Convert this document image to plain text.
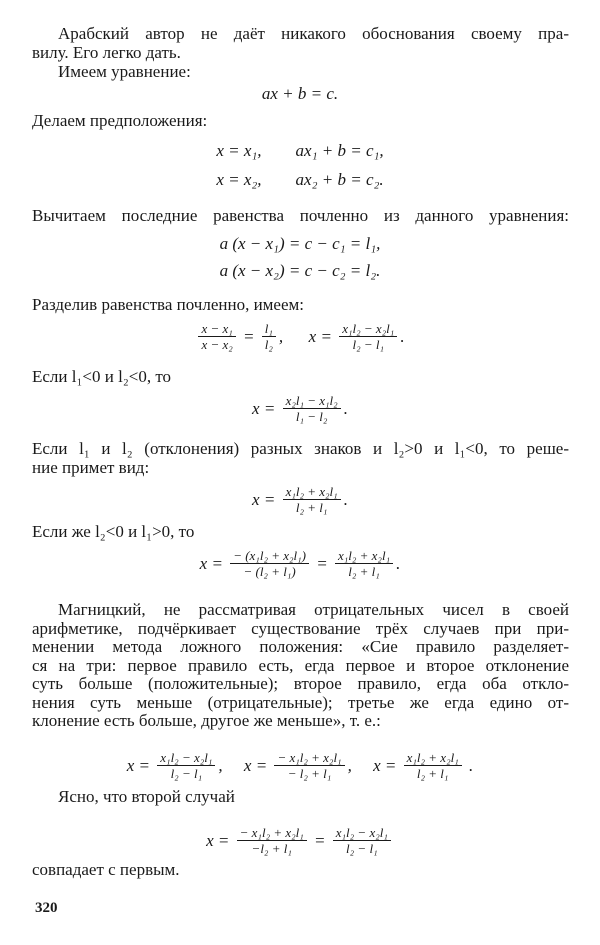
Арабский автор не даёт никакого обоснования своему пра-
вилу. Его легко дать.
Имеем уравнение:
Делаем предположения:
Вычитаем последние равенства почленно из данного уравнения:
Разделив равенства почленно, имеем:
Если l₁<0 и l₂<0, то
Если l₁ и l₂ (отклонения) разных знаков и l₂>0 и l₁<0, то реше-
ние примет вид:
Если же l₂<0 и l₁>0, то
Магницкий, не рассматривая отрицательных чисел в своей
арифметике, подчёркивает существование трёх случаев при при-
менении метода ложного положения: «Сие правило разделяет-
ся на три: первое правило есть, егда первое и второе отклонение
суть больше (положительные); второе правило, егда оба откло-
нения суть меньше (отрицательные); третье же егда едино от-
клонение есть больше, другое же меньше», т. е.:
Ясно, что второй случай
совпадает с первым.
ax + b = c.
x = x₁,        ax₁ + b = c₁,
x = x₂,        ax₂ + b = c₂.
a (x − x₁) = c − c₁ = l₁,
a (x − x₂) = c − c₂ = l₂.
$\frac{\text{x − x₁}}{\text{x − x₂}} = \frac{\text{l₁}}{\text{l₂}}$ ,      $x = \frac{\text{x₁l₂ − x₂l₁}}{\text{l₂ − l₁}}$ .
$x = \frac{\text{x₂l₁ − x₁l₂}}{\text{l₁ − l₂}}$ .
$x = \frac{\text{x₁l₂ + x₂l₁}}{\text{l₂ + l₁}}$ .
$x = \frac{\text{− (x₁l₂ + x₂l₁)}}{\text{− (l₂ + l₁)}} = \frac{\text{x₁l₂ + x₂l₁}}{\text{l₂ + l₁}}$ .
$x = \frac{\text{x₁l₂ − x₂l₁}}{\text{l₂ − l₁}}$ ,     $x = \frac{\text{− x₁l₂ + x₂l₁}}{\text{− l₂ + l₁}}$ ,     $x = \frac{\text{x₁l₂ + x₂l₁}}{\text{l₂ + l₁}}$ .
$x = \frac{\text{− x₁l₂ + x₂l₁}}{\text{−l₂ + l₁}} = \frac{\text{x₁l₂ − x₂l₁}}{\text{l₂ − l₁}}$
320
